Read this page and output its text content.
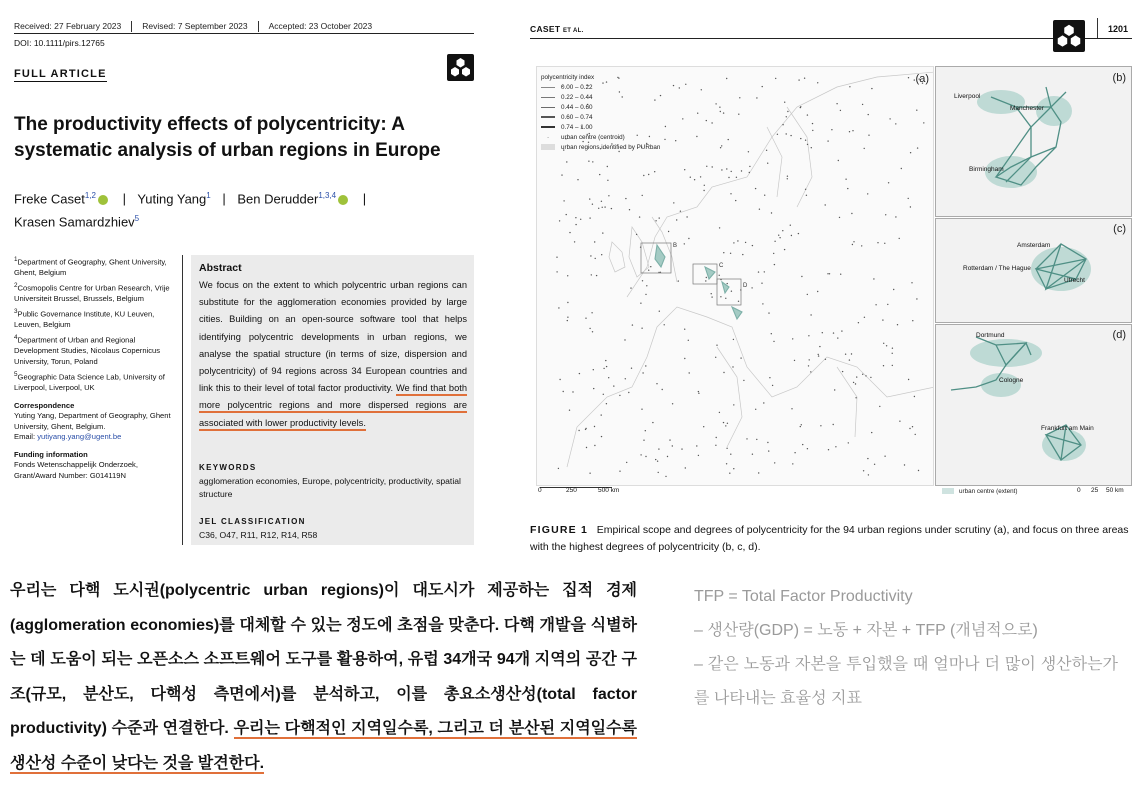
Received: 27 February 2023	Revised: 7 September 2023	Accepted: 23 October 2023
DOI: 10.1111/pirs.12765
FULL ARTICLE
The productivity effects of polycentricity: A
systematic analysis of urban regions in Europe
Freke Caset$^{1,2}$ | Yuting Yang$^1$ | Ben Derudder$^{1,3,4}$ |
Krasen Samardzhiev$^5$

$^1$Department of Geography, Ghent University, Ghent, Belgium

$^2$Cosmopolis Centre for Urban Research, Vrije Universiteit Brussel, Brussels, Belgium

$^3$Public Governance Institute, KU Leuven, Leuven, Belgium

$^4$Department of Urban and Regional Development Studies, Nicolaus Copernicus University, Torun, Poland

$^5$Geographic Data Science Lab, University of Liverpool, Liverpool, UK

Correspondence
Yuting Yang, Department of Geography, Ghent University, Ghent, Belgium.
Email: yutiyang.yang@ugent.be

Funding information
Fonds Wetenschappelijk Onderzoek, Grant/Award Number: G014119N

Abstract
We focus on the extent to which polycentric urban regions can substitute for the agglomeration economies provided by large cities. Building on an open-source software tool that helps identifying polycentric developments in urban regions, we analyse the spatial structure (in terms of size, dispersion and polycentricity) of 94 regions across 34 European countries and link this to their level of total factor productivity. We find that both more polycentric regions and more dispersed regions are associated with lower productivity levels.
KEYWORDS
agglomeration economies, Europe, polycentricity, productivity, spatial structure
JEL CLASSIFICATION
C36, O47, R11, R12, R14, R58
CASET ET AL.	1201
B
C
D
polycentricity index
0.00 – 0.22
0.22 – 0.44
0.44 – 0.60
0.60 – 0.74
0.74 – 1.00
· urban centre (centroid)
urban regions identified by PURban
(a)	(b)
Liverpool
Manchester
Birmingham
(c)
Amsterdam
Rotterdam / The Hague
Utrecht
(d)
Dortmund
Cologne
Frankfurt am Main
0	250	500 km	urban centre (extent)	0 25 50 km
FIGURE 1 Empirical scope and degrees of polycentricity for the 94 urban regions under scrutiny (a), and focus on three areas with the highest degrees of polycentricity (b, c, d).
우리는 다핵 도시권(polycentric urban regions)이 대도시가 제공하는 집적 경제(agglomeration economies)를 대체할 수 있는 정도에 초점을 맞춘다. 다핵 개발을 식별하는 데 도움이 되는 오픈소스 소프트웨어 도구를 활용하여, 유럽 34개국 94개 지역의 공간 구조(규모, 분산도, 다핵성 측면에서)를 분석하고, 이를 총요소생산성(total factor productivity) 수준과 연결한다. 우리는 다핵적인 지역일수록, 그리고 더 분산된 지역일수록 생산성 수준이 낮다는 것을 발견한다.
TFP = Total Factor Productivity
– 생산량(GDP) = 노동 + 자본 + TFP (개념적으로)
– 같은 노동과 자본을 투입했을 때 얼마나 더 많이 생산하는가를 나타내는 효율성 지표
